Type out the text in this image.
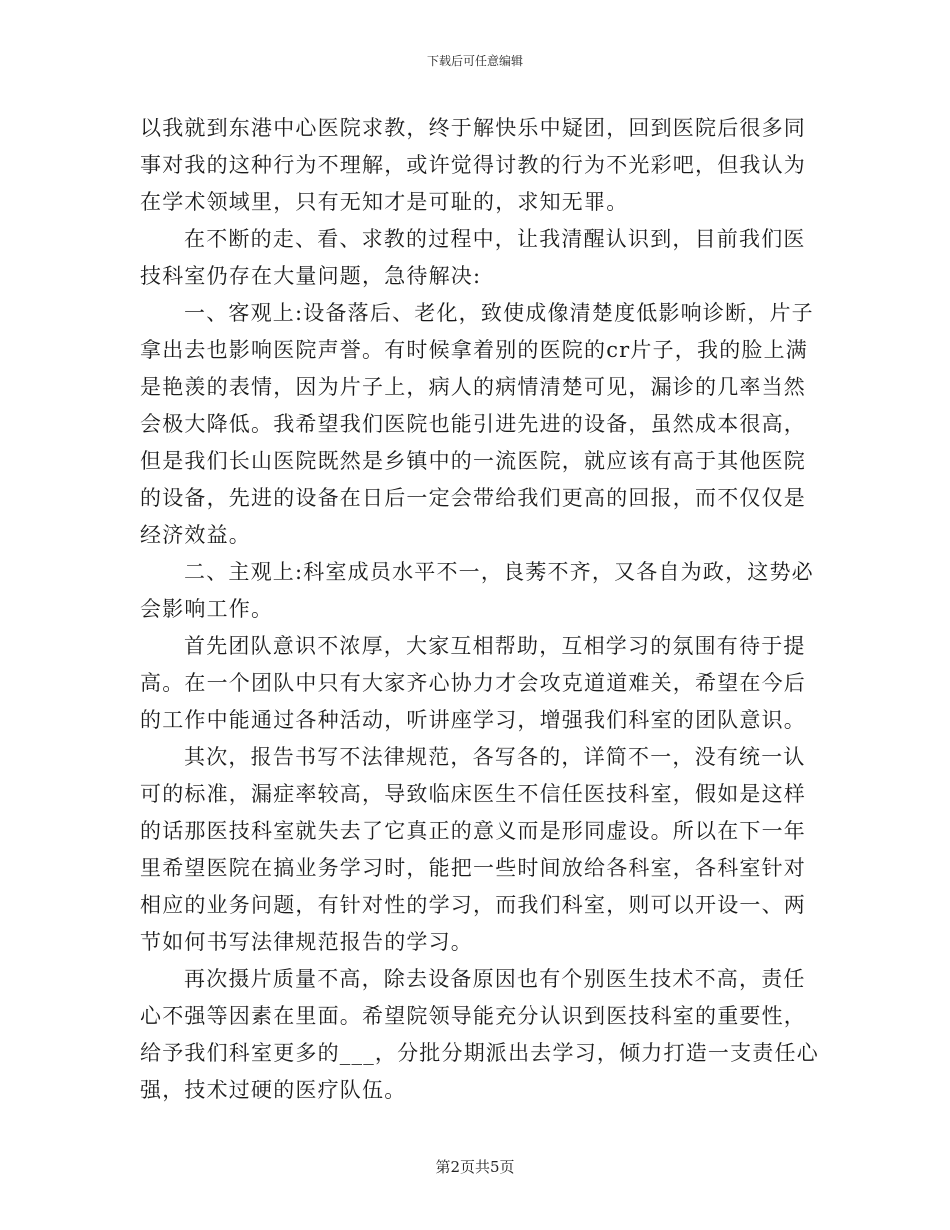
下载后可任意编辑
以我就到东港中心医院求教，终于解快乐中疑团，回到医院后很多同
事对我的这种行为不理解，或许觉得讨教的行为不光彩吧，但我认为
在学术领域里，只有无知才是可耻的，求知无罪。
在不断的走、看、求教的过程中，让我清醒认识到，目前我们医
技科室仍存在大量问题，急待解决:
一、客观上:设备落后、老化，致使成像清楚度低影响诊断，片子
拿出去也影响医院声誉。有时候拿着别的医院的cr片子，我的脸上满
是艳羡的表情，因为片子上，病人的病情清楚可见，漏诊的几率当然
会极大降低。我希望我们医院也能引进先进的设备，虽然成本很高，
但是我们长山医院既然是乡镇中的一流医院，就应该有高于其他医院
的设备，先进的设备在日后一定会带给我们更高的回报，而不仅仅是
经济效益。
二、主观上:科室成员水平不一，良莠不齐，又各自为政，这势必
会影响工作。
首先团队意识不浓厚，大家互相帮助，互相学习的氛围有待于提
高。在一个团队中只有大家齐心协力才会攻克道道难关，希望在今后
的工作中能通过各种活动，听讲座学习，增强我们科室的团队意识。
其次，报告书写不法律规范，各写各的，详简不一，没有统一认
可的标准，漏症率较高，导致临床医生不信任医技科室，假如是这样
的话那医技科室就失去了它真正的意义而是形同虚设。所以在下一年
里希望医院在搞业务学习时，能把一些时间放给各科室，各科室针对
相应的业务问题，有针对性的学习，而我们科室，则可以开设一、两
节如何书写法律规范报告的学习。
再次摄片质量不高，除去设备原因也有个别医生技术不高，责任
心不强等因素在里面。希望院领导能充分认识到医技科室的重要性，
给予我们科室更多的___，分批分期派出去学习，倾力打造一支责任心
强，技术过硬的医疗队伍。
第2页共5页
